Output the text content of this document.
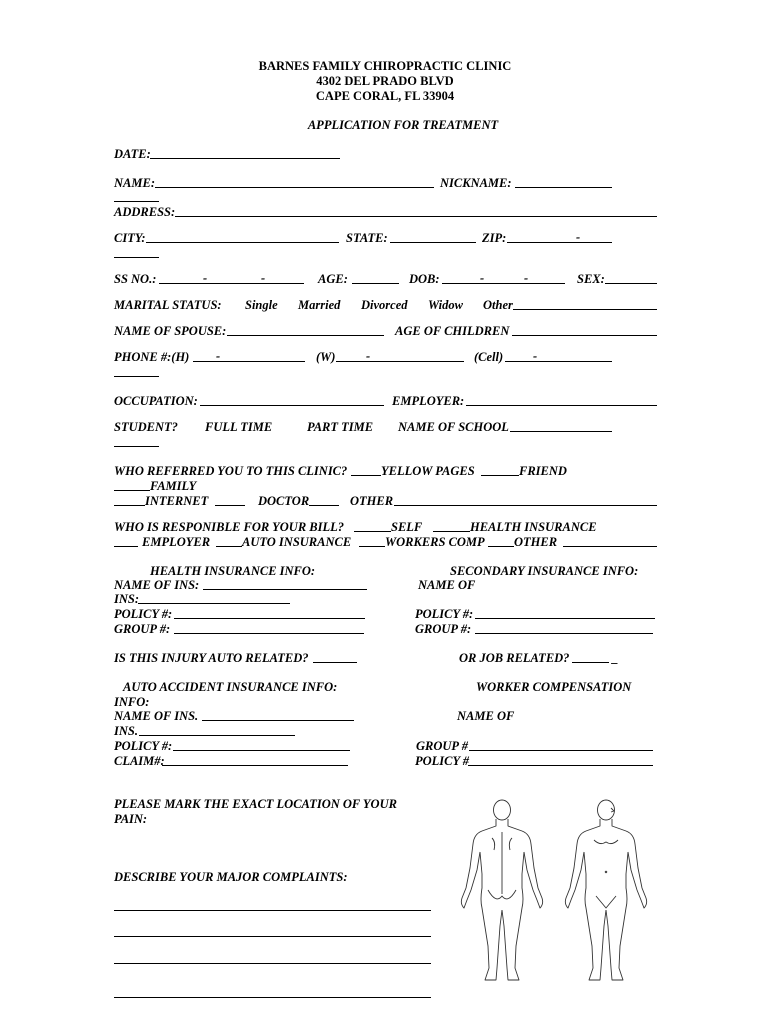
BARNES FAMILY CHIROPRACTIC CLINIC
4302 DEL PRADO BLVD
CAPE CORAL, FL 33904
APPLICATION FOR TREATMENT
DATE:
NAME:	NICKNAME:
ADDRESS:
CITY:	STATE:	ZIP:	-
SS NO.:	-	-	AGE:	DOB:	-	-	SEX:
MARITAL STATUS: Single Married Divorced Widow Other
NAME OF SPOUSE:	AGE OF CHILDREN
PHONE #:(H) -	(W) -	(Cell) -
OCCUPATION:	EMPLOYER:
STUDENT? FULL TIME	PART TIME NAME OF SCHOOL
WHO REFERRED YOU TO THIS CLINIC?	YELLOW PAGES	FRIEND
FAMILY
INTERNET	DOCTOR	OTHER
WHO IS RESPONIBLE FOR YOUR BILL?	SELF	HEALTH INSURANCE
EMPLOYER	AUTO INSURANCE	WORKERS COMP OTHER
HEALTH INSURANCE INFO:	SECONDARY INSURANCE INFO:
NAME OF INS:	NAME OF
INS:
POLICY #:	POLICY #:
GROUP #:	GROUP #:
IS THIS INJURY AUTO RELATED?	OR JOB RELATED?	_
AUTO ACCIDENT INSURANCE INFO:	WORKER COMPENSATION
INFO:
NAME OF INS.	NAME OF
INS.
POLICY #:	GROUP #
CLAIM#:	POLICY #
PLEASE MARK THE EXACT LOCATION OF YOUR
PAIN:
DESCRIBE YOUR MAJOR COMPLAINTS:
